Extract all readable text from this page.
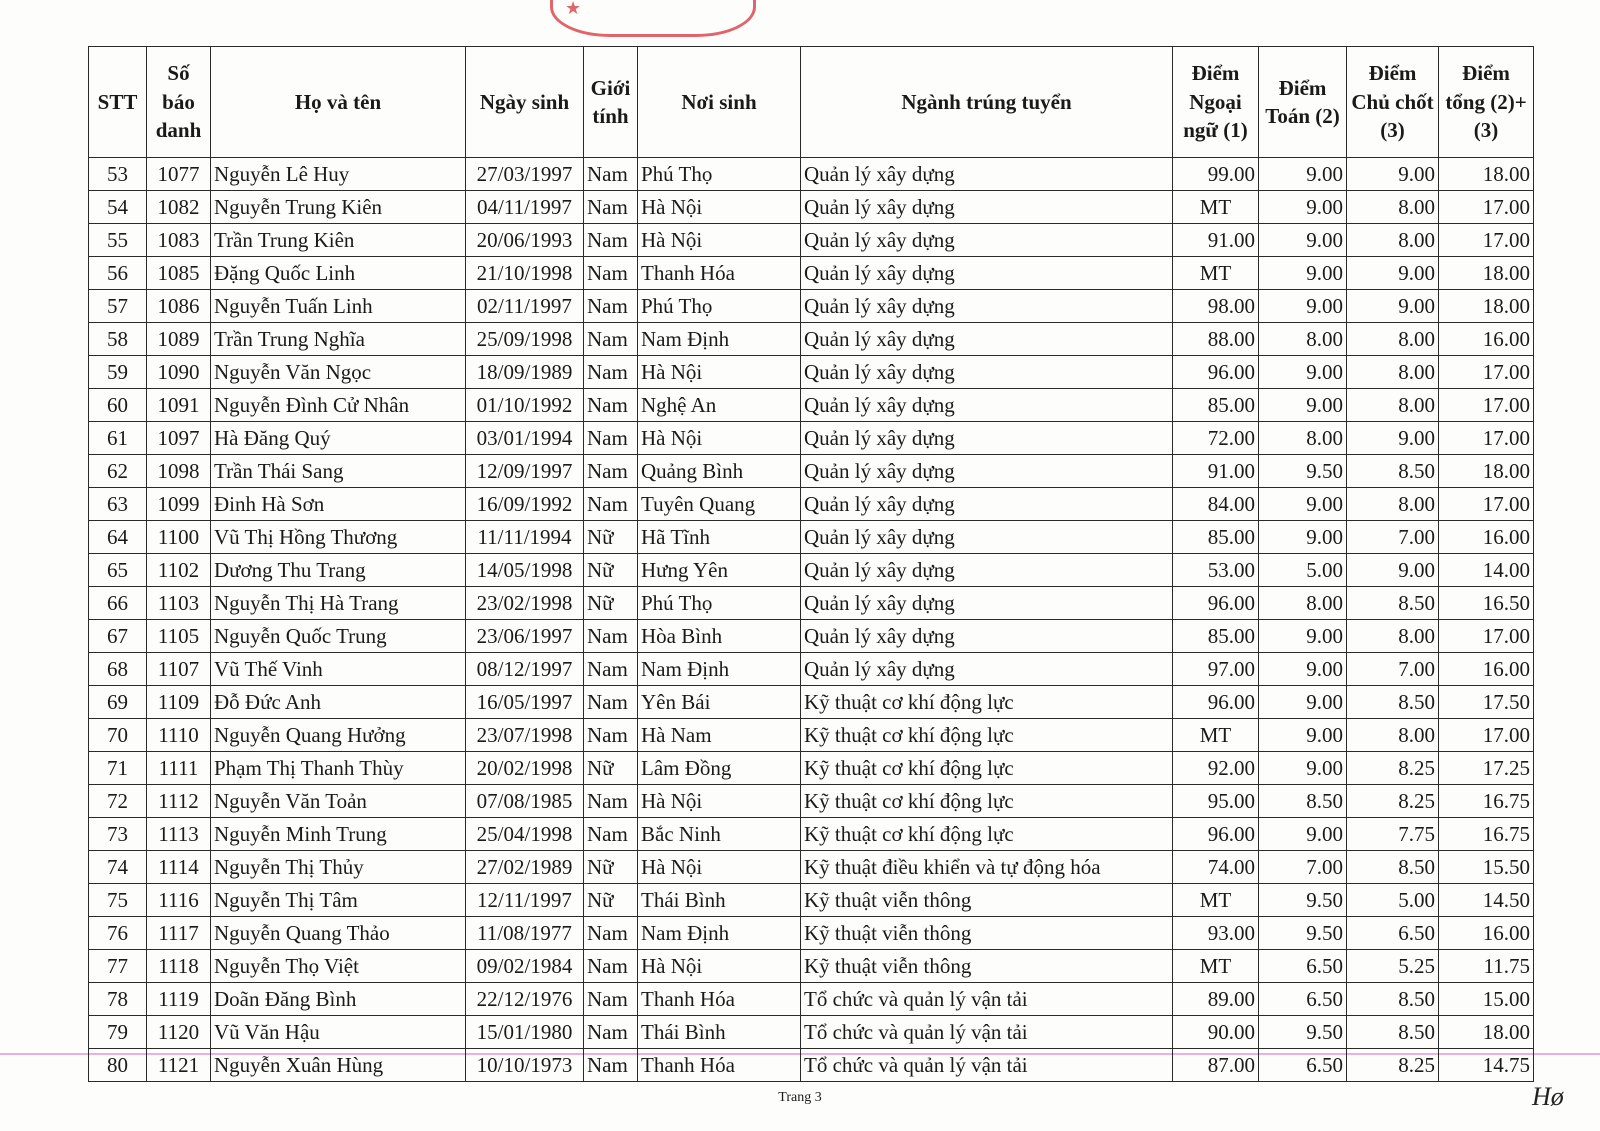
★
STT	Số báo danh	Họ và tên	Ngày sinh	Giới tính	Nơi sinh	Ngành trúng tuyển	Điểm Ngoại ngữ (1)	Điểm Toán (2)	Điểm Chủ chốt (3)	Điểm tổng (2)+(3)
53	1077	Nguyễn Lê Huy	27/03/1997	Nam	Phú Thọ	Quản lý xây dựng	99.00	9.00	9.00	18.00
54	1082	Nguyễn Trung Kiên	04/11/1997	Nam	Hà Nội	Quản lý xây dựng	MT	9.00	8.00	17.00
55	1083	Trần Trung Kiên	20/06/1993	Nam	Hà Nội	Quản lý xây dựng	91.00	9.00	8.00	17.00
56	1085	Đặng Quốc Linh	21/10/1998	Nam	Thanh Hóa	Quản lý xây dựng	MT	9.00	9.00	18.00
57	1086	Nguyễn Tuấn Linh	02/11/1997	Nam	Phú Thọ	Quản lý xây dựng	98.00	9.00	9.00	18.00
58	1089	Trần Trung Nghĩa	25/09/1998	Nam	Nam Định	Quản lý xây dựng	88.00	8.00	8.00	16.00
59	1090	Nguyễn Văn Ngọc	18/09/1989	Nam	Hà Nội	Quản lý xây dựng	96.00	9.00	8.00	17.00
60	1091	Nguyễn Đình Cử Nhân	01/10/1992	Nam	Nghệ An	Quản lý xây dựng	85.00	9.00	8.00	17.00
61	1097	Hà Đăng Quý	03/01/1994	Nam	Hà Nội	Quản lý xây dựng	72.00	8.00	9.00	17.00
62	1098	Trần Thái Sang	12/09/1997	Nam	Quảng Bình	Quản lý xây dựng	91.00	9.50	8.50	18.00
63	1099	Đinh Hà Sơn	16/09/1992	Nam	Tuyên Quang	Quản lý xây dựng	84.00	9.00	8.00	17.00
64	1100	Vũ Thị Hồng Thương	11/11/1994	Nữ	Hã Tĩnh	Quản lý xây dựng	85.00	9.00	7.00	16.00
65	1102	Dương Thu Trang	14/05/1998	Nữ	Hưng Yên	Quản lý xây dựng	53.00	5.00	9.00	14.00
66	1103	Nguyễn Thị Hà Trang	23/02/1998	Nữ	Phú Thọ	Quản lý xây dựng	96.00	8.00	8.50	16.50
67	1105	Nguyễn Quốc Trung	23/06/1997	Nam	Hòa Bình	Quản lý xây dựng	85.00	9.00	8.00	17.00
68	1107	Vũ Thế Vinh	08/12/1997	Nam	Nam Định	Quản lý xây dựng	97.00	9.00	7.00	16.00
69	1109	Đỗ Đức Anh	16/05/1997	Nam	Yên Bái	Kỹ thuật cơ khí động lực	96.00	9.00	8.50	17.50
70	1110	Nguyễn Quang Hưởng	23/07/1998	Nam	Hà Nam	Kỹ thuật cơ khí động lực	MT	9.00	8.00	17.00
71	1111	Phạm Thị Thanh Thùy	20/02/1998	Nữ	Lâm Đồng	Kỹ thuật cơ khí động lực	92.00	9.00	8.25	17.25
72	1112	Nguyễn Văn Toản	07/08/1985	Nam	Hà Nội	Kỹ thuật cơ khí động lực	95.00	8.50	8.25	16.75
73	1113	Nguyễn Minh Trung	25/04/1998	Nam	Bắc Ninh	Kỹ thuật cơ khí động lực	96.00	9.00	7.75	16.75
74	1114	Nguyễn Thị Thủy	27/02/1989	Nữ	Hà Nội	Kỹ thuật điều khiển và tự động hóa	74.00	7.00	8.50	15.50
75	1116	Nguyễn Thị Tâm	12/11/1997	Nữ	Thái Bình	Kỹ thuật viễn thông	MT	9.50	5.00	14.50
76	1117	Nguyễn Quang Thảo	11/08/1977	Nam	Nam Định	Kỹ thuật viễn thông	93.00	9.50	6.50	16.00
77	1118	Nguyễn Thọ Việt	09/02/1984	Nam	Hà Nội	Kỹ thuật viễn thông	MT	6.50	5.25	11.75
78	1119	Doãn Đăng Bình	22/12/1976	Nam	Thanh Hóa	Tổ chức và quản lý vận tải	89.00	6.50	8.50	15.00
79	1120	Vũ Văn Hậu	15/01/1980	Nam	Thái Bình	Tổ chức và quản lý vận tải	90.00	9.50	8.50	18.00
80	1121	Nguyễn Xuân Hùng	10/10/1973	Nam	Thanh Hóa	Tổ chức và quản lý vận tải	87.00	6.50	8.25	14.75
Trang 3	Hø
